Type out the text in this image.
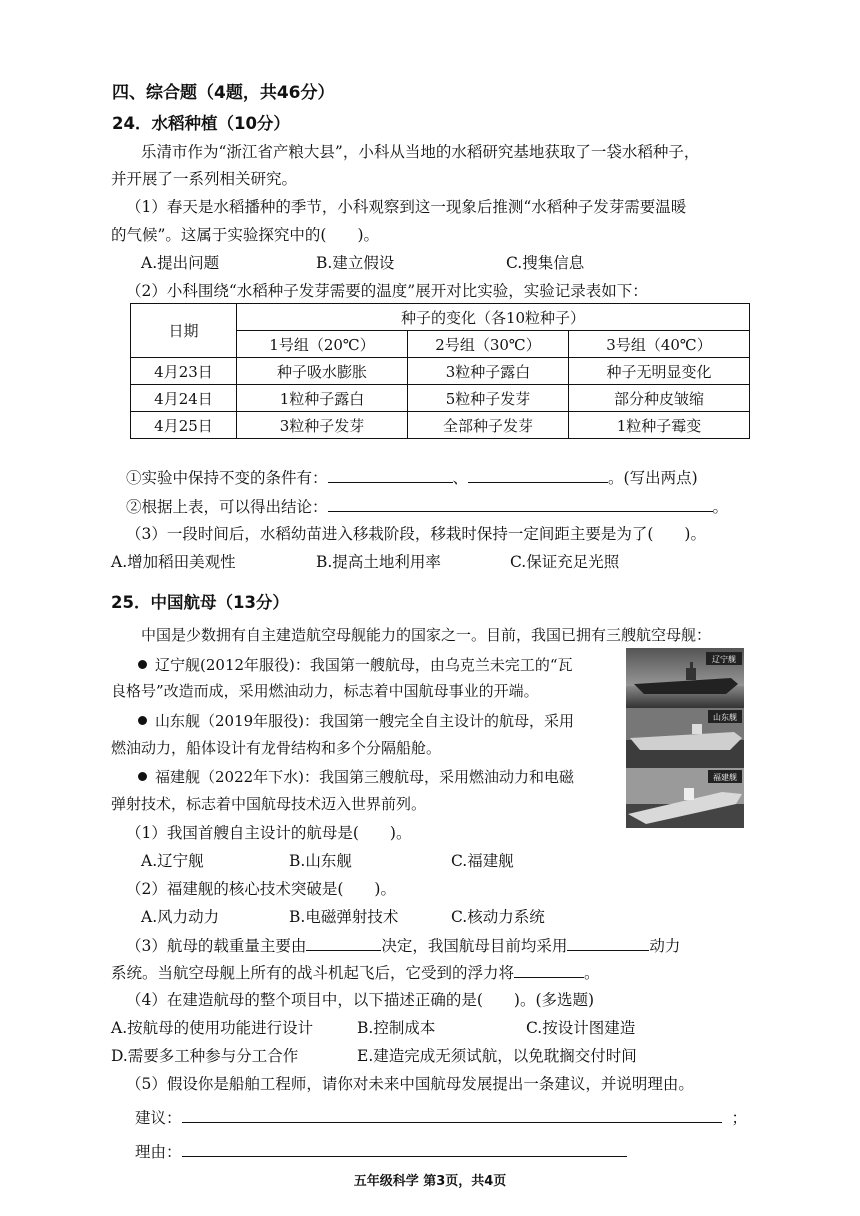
四、综合题（4题，共46分）
24．水稻种植（10分）
乐清市作为“浙江省产粮大县”，小科从当地的水稻研究基地获取了一袋水稻种子，
并开展了一系列相关研究。
（1）春天是水稻播种的季节，小科观察到这一现象后推测“水稻种子发芽需要温暖
的气候”。这属于实验探究中的(　　)。
A.提出问题	B.建立假设	C.搜集信息
（2）小科围绕“水稻种子发芽需要的温度”展开对比实验，实验记录表如下：
日期	种子的变化（各10粒种子）		
	1号组（20℃）	2号组（30℃）	3号组（40℃）
4月23日	种子吸水膨胀	3粒种子露白	种子无明显变化
4月24日	1粒种子露白	5粒种子发芽	部分种皮皱缩
4月25日	3粒种子发芽	全部种子发芽	1粒种子霉变
①实验中保持不变的条件有：	、	。(写出两点)
②根据上表，可以得出结论：	。
（3）一段时间后，水稻幼苗进入移栽阶段，移栽时保持一定间距主要是为了(　　)。
A.增加稻田美观性	B.提高土地利用率	C.保证充足光照
25．中国航母（13分）
中国是少数拥有自主建造航空母舰能力的国家之一。目前，我国已拥有三艘航空母舰：
辽宁舰(2012年服役)：我国第一艘航母，由乌克兰未完工的“瓦
良格号”改造而成，采用燃油动力，标志着中国航母事业的开端。
山东舰（2019年服役)：我国第一艘完全自主设计的航母，采用
燃油动力，船体设计有龙骨结构和多个分隔船舱。
福建舰（2022年下水)：我国第三艘航母，采用燃油动力和电磁
弹射技术，标志着中国航母技术迈入世界前列。
辽宁舰
山东舰
福建舰
（1）我国首艘自主设计的航母是(　　)。
A.辽宁舰	B.山东舰	C.福建舰
（2）福建舰的核心技术突破是(　　)。
A.风力动力	B.电磁弹射技术	C.核动力系统
（3）航母的载重量主要由	决定，我国航母目前均采用	动力
系统。当航空母舰上所有的战斗机起飞后，它受到的浮力将	。
（4）在建造航母的整个项目中，以下描述正确的是(　　)。(多选题)
A.按航母的使用功能进行设计	B.控制成本	C.按设计图建造
D.需要多工种参与分工合作	E.建造完成无须试航，以免耽搁交付时间
（5）假设你是船舶工程师，请你对未来中国航母发展提出一条建议，并说明理由。
建议：	；
理由：
五年级科学 第3页，共4页
